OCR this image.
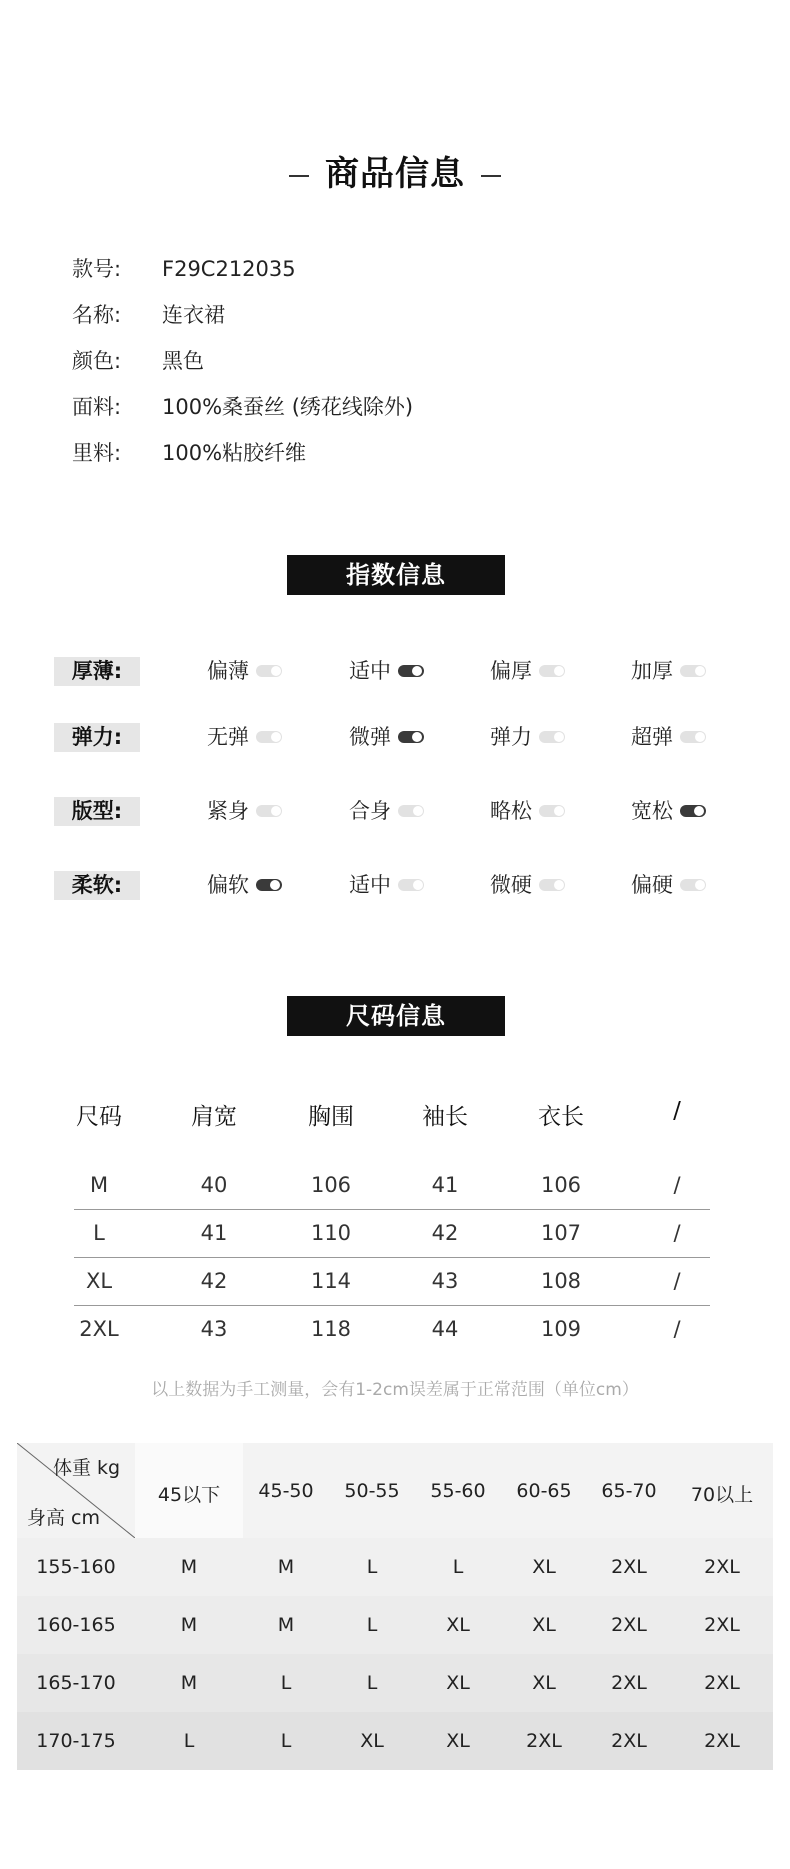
商品信息
款号: F29C212035
名称: 连衣裙
颜色: 黑色
面料: 100%桑蚕丝 (绣花线除外)
里料: 100%粘胶纤维
指数信息
厚薄:	偏薄	适中	偏厚	加厚
弹力:	无弹	微弹	弹力	超弹
版型:	紧身	合身	略松	宽松
柔软:	偏软	适中	微硬	偏硬
尺码信息
尺码	肩宽	胸围	袖长	衣长	/
M	40	106	41	106	/
L	41	110	42	107	/
XL	42	114	43	108	/
2XL	43	118	44	109	/
以上数据为手工测量，会有1-2cm误差属于正常范围（单位cm）
体重 kg
身高 cm
45以下	45-50	50-55	55-60	60-65	65-70	70以上
155-160	M	M	L	L	XL	2XL	2XL
160-165	M	M	L	XL	XL	2XL	2XL
165-170	M	L	L	XL	XL	2XL	2XL
170-175	L	L	XL	XL	2XL	2XL	2XL
